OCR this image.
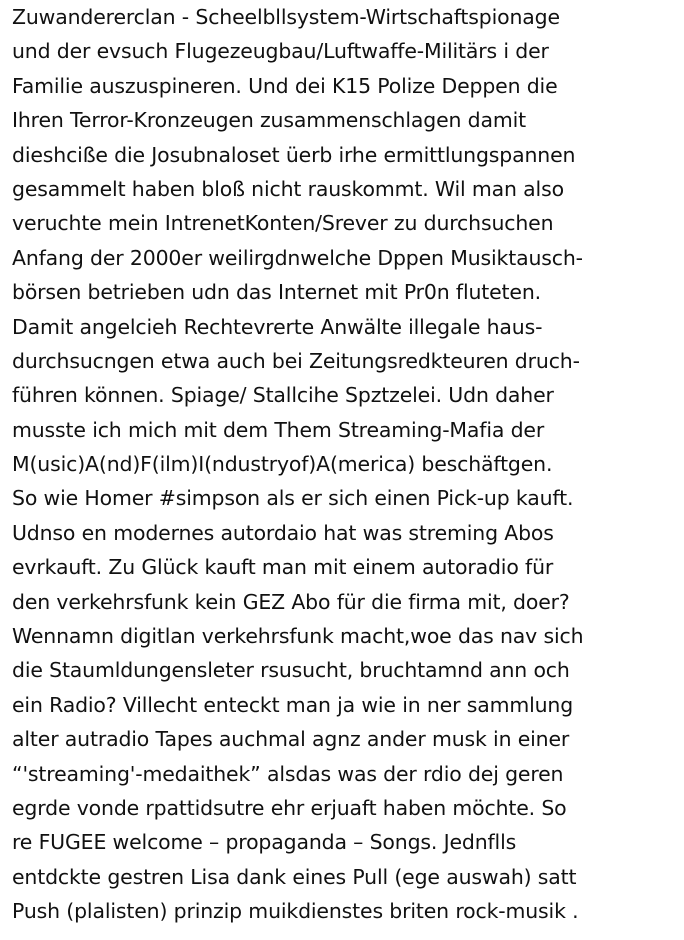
Zuwandererclan - Scheelbllsystem-Wirtschaftspionage
und der evsuch Flugezeugbau/Luftwaffe-Militärs i der
Familie auszuspineren. Und dei K15 Polize Deppen die
Ihren Terror-Kronzeugen zusammenschlagen damit
dieshcißе die Josubnaloset üerb irhe ermittlungspannen
gesammelt haben bloß nicht rauskommt. Wil man also
veruchte mein IntrenetKonten/Srever zu durchsuchen
Anfang der 2000er weilirgdnwelche Dppen Musiktausch-
börsen betrieben udn das Internet mit Pr0n fluteten.
Damit angelcieh Rechtevrerte Anwälte illegale haus-
durchsucngen etwa auch bei Zeitungsredkteuren druch-
führen können. Spiage/ Stallcihe Spztzelei. Udn daher
musste ich mich mit dem Them Streaming-Mafia der
M(usic)A(nd)F(ilm)I(ndustryof)A(merica) beschäftgen.
So wie Homer #simpson als er sich einen Pick-up kauft.
Udnso en modernes autordaio hat was streming Abos
evrkauft. Zu Glück kauft man mit einem autoradio für
den verkehrsfunk kein GEZ Abo für die firma mit, doer?
Wennamn digitlan verkehrsfunk macht,woe das nav sich
die Staumldungensleter rsusucht, bruchtamnd ann och
ein Radio? Villecht enteckt man ja wie in ner sammlung
alter autradio Tapes auchmal agnz ander musk in einer
“'streaming'-medaithek” alsdas was der rdio dej geren
egrde vonde rpattidsutre ehr erjuaft haben möchte. So
re FUGEE welcome – propaganda – Songs. Jednflls
entdckte gestren Lisa dank eines Pull (ege auswah) satt
Push (plalisten) prinzip muikdienstes briten rock-musik .
